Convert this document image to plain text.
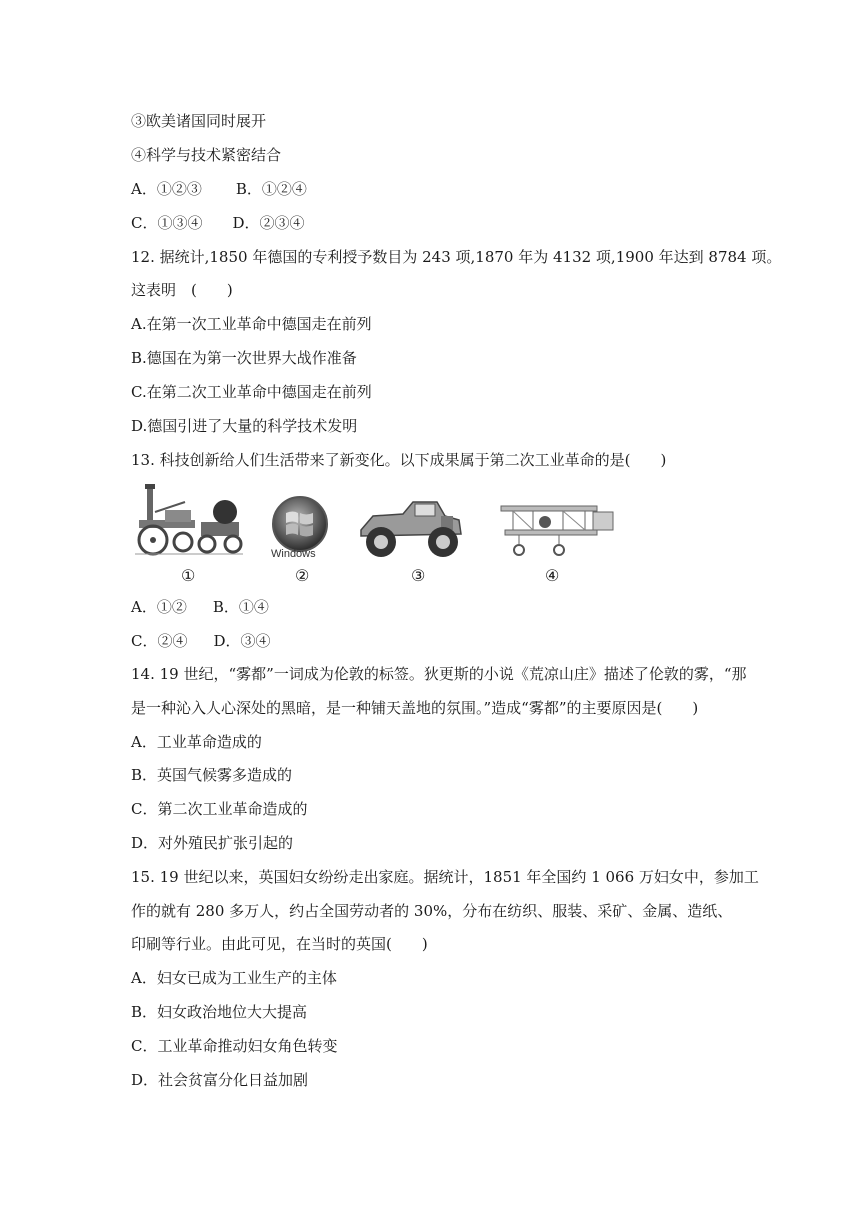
③欧美诸国同时展开
④科学与技术紧密结合
A．①②③ B．①②④
C．①③④ D．②③④
12. 据统计,1850 年德国的专利授予数目为 243 项,1870 年为 4132 项,1900 年达到 8784 项。
这表明　(　　)
A.在第一次工业革命中德国走在前列
B.德国在为第一次世界大战作准备
C.在第二次工业革命中德国走在前列
D.德国引进了大量的科学技术发明
13. 科技创新给人们生活带来了新变化。以下成果属于第二次工业革命的是(　　)
①
Windows
②	③	④
A．①② B．①④
C．②④ D．③④
14. 19 世纪，“雾都”一词成为伦敦的标签。狄更斯的小说《荒凉山庄》描述了伦敦的雾，“那
是一种沁入人心深处的黑暗，是一种铺天盖地的氛围。”造成“雾都”的主要原因是(　　)
A．工业革命造成的
B．英国气候雾多造成的
C．第二次工业革命造成的
D．对外殖民扩张引起的
15. 19 世纪以来，英国妇女纷纷走出家庭。据统计，1851 年全国约 1 066 万妇女中，参加工
作的就有 280 多万人，约占全国劳动者的 30%，分布在纺织、服装、采矿、金属、造纸、
印刷等行业。由此可见，在当时的英国(　　)
A．妇女已成为工业生产的主体
B．妇女政治地位大大提高
C．工业革命推动妇女角色转变
D．社会贫富分化日益加剧
